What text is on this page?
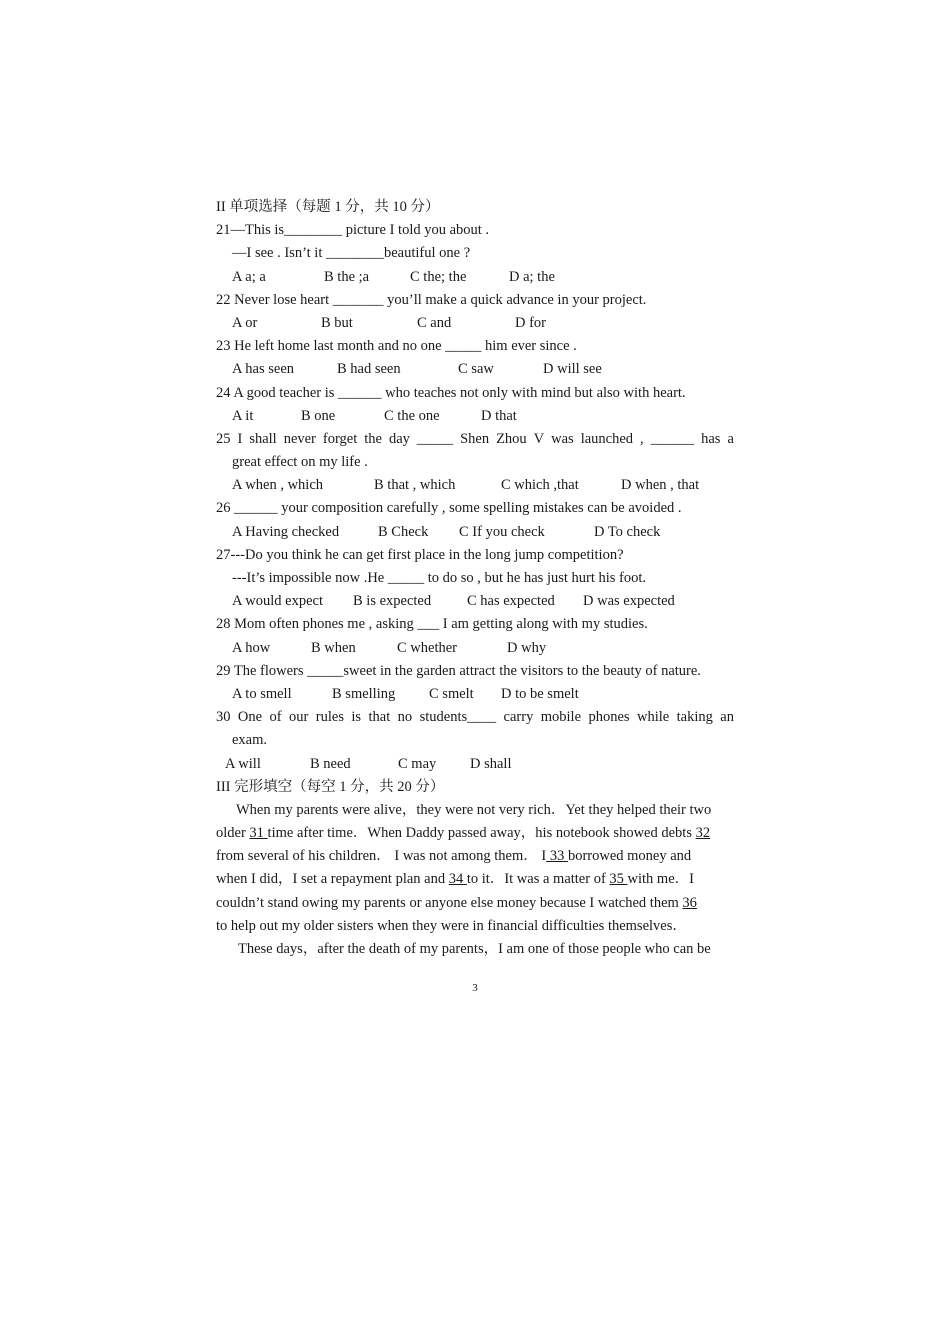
II 单项选择（每题 1 分，共 10 分）
21—This is________ picture I told you about .
—I see . Isn’t it ________beautiful one ?
A a; a	B the ;a	C the; the	D a; the
22 Never lose heart _______ you’ll make a quick advance in your project.
A or	B but	C and	D for
23 He left home last month and no one _____ him ever since .
A has seen	B had seen	C saw	D will see
24 A good teacher is ______ who teaches not only with mind but also with heart.
A it	B one	C the one	D that
25 I shall never forget the day _____ Shen Zhou V was launched , ______ has a
great effect on my life .
A when , which	B that , which	C which ,that	D when , that
26 ______ your composition carefully , some spelling mistakes can be avoided .
A Having checked	B Check	C If you check	D To check
27---Do you think he can get first place in the long jump competition?
---It’s impossible now .He _____ to do so , but he has just hurt his foot.
A would expect	B is expected	C has expected	D was expected
28 Mom often phones me , asking ___ I am getting along with my studies.
A how	B when	C whether	D why
29 The flowers _____sweet in the garden attract the visitors to the beauty of nature.
A to smell	B smelling	C smelt	D to be smelt
30 One of our rules is that no students____ carry mobile phones while taking an
exam.
A will	B need	C may	D shall
III 完形填空（每空 1 分，共 20 分）
When my parents were alive，they were not very rich．Yet they helped their two
older 31 time after time．When Daddy passed away，his notebook showed debts 32
from several of his children． I was not among them． I 33 borrowed money and
when I did，I set a repayment plan and 34 to it．It was a matter of 35 with me．I
couldn’t stand owing my parents or anyone else money because I watched them 36
to help out my older sisters when they were in financial difficulties themselves．
These days，after the death of my parents，I am one of those people who can be
3
